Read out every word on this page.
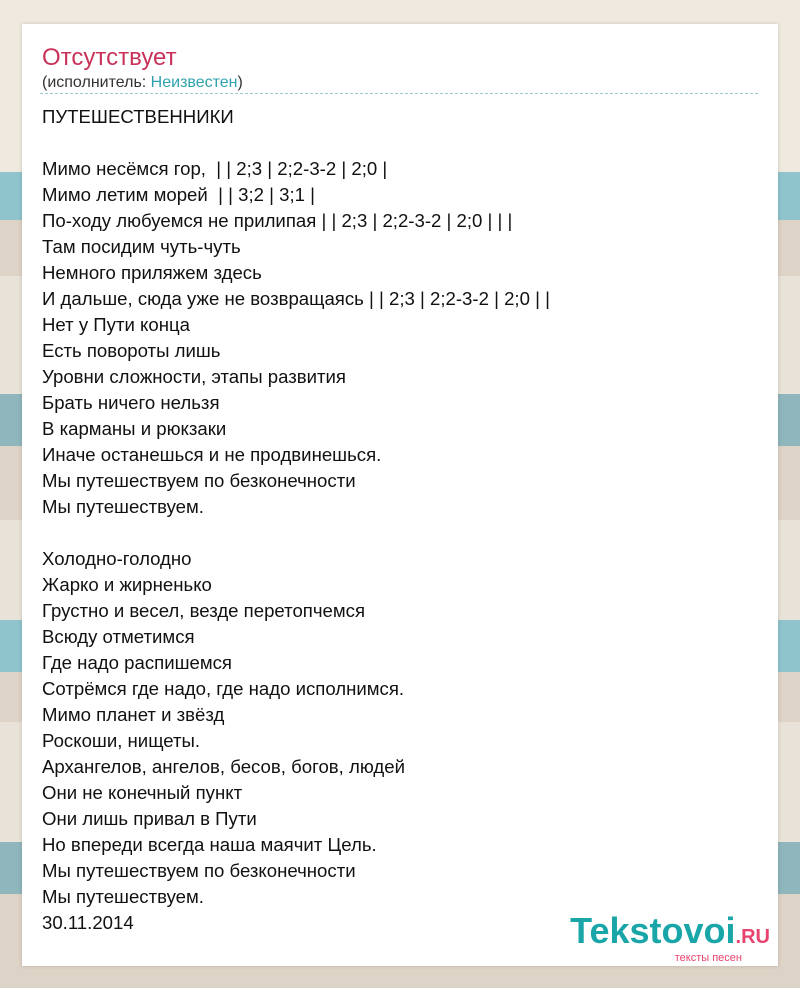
Отсутствует
(исполнитель: Неизвестен)
ПУТЕШЕСТВЕННИКИ
Мимо несёмся гор,  | | 2;3 | 2;2-3-2 | 2;0 |
Мимо летим морей  | | 3;2 | 3;1 |
По-ходу любуемся не прилипая | | 2;3 | 2;2-3-2 | 2;0 | | |
Там посидим чуть-чуть
Немного приляжем здесь
И дальше, сюда уже не возвращаясь | | 2;3 | 2;2-3-2 | 2;0 | |
Нет у Пути конца
Есть повороты лишь
Уровни сложности, этапы развития
Брать ничего нельзя
В карманы и рюкзаки
Иначе останешься и не продвинешься.
Мы путешествуем по безконечности
Мы путешествуем.
Холодно-голодно
Жарко и жирненько
Грустно и весел, везде перетопчемся
Всюду отметимся
Где надо распишемся
Сотрёмся где надо, где надо исполнимся.
Мимо планет и звёзд
Роскоши, нищеты.
Архангелов, ангелов, бесов, богов, людей
Они не конечный пункт
Они лишь привал в Пути
Но впереди всегда наша маячит Цель.
Мы путешествуем по безконечности
Мы путешествуем.
30.11.2014	Tekstovoi.RU
тексты песен
